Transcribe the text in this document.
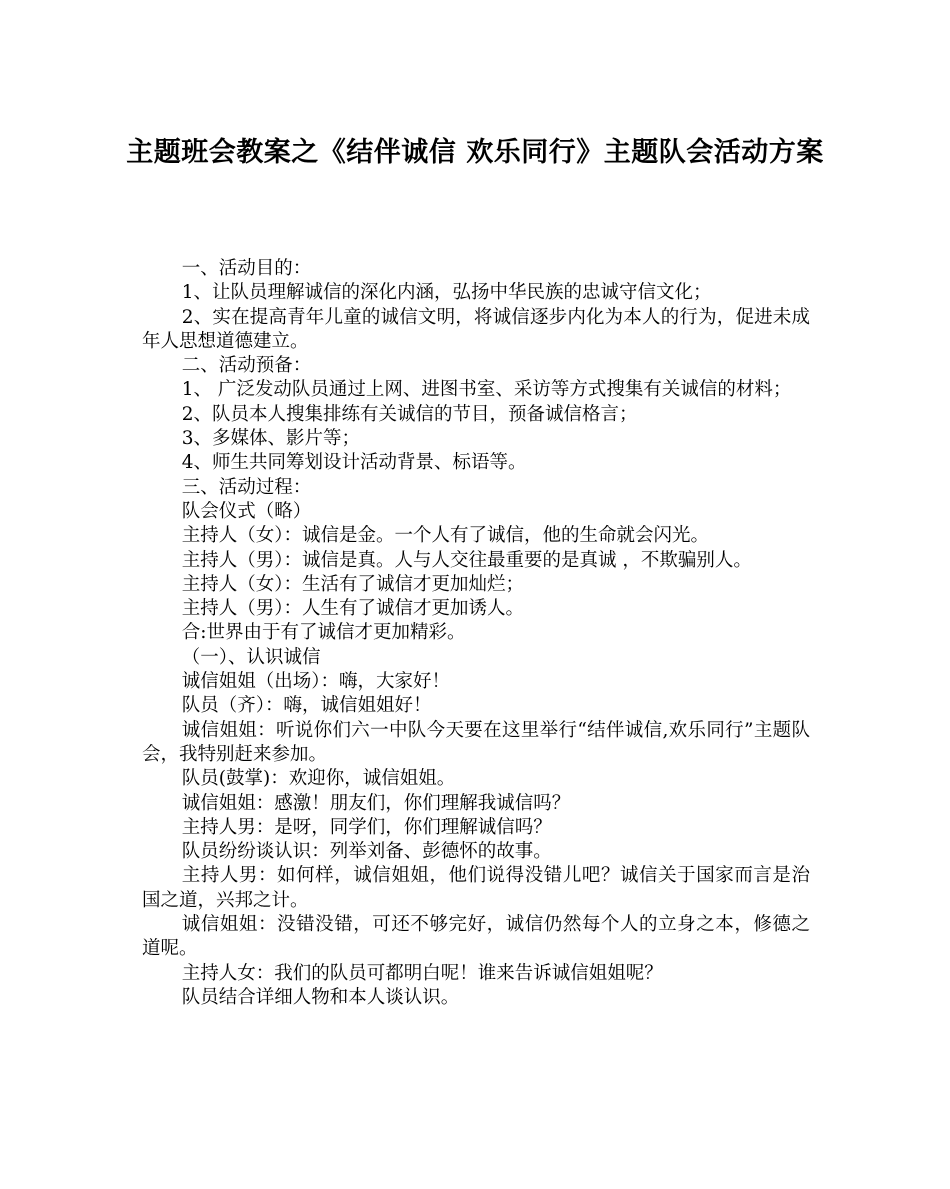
主题班会教案之《结伴诚信 欢乐同行》主题队会活动方案

一、活动目的：

1、让队员理解诚信的深化内涵，弘扬中华民族的忠诚守信文化；

2、实在提高青年儿童的诚信文明，将诚信逐步内化为本人的行为，促进未成年人思想道德建立。

二、活动预备：

1、 广泛发动队员通过上网、进图书室、采访等方式搜集有关诚信的材料；

2、队员本人搜集排练有关诚信的节目，预备诚信格言；

3、多媒体、影片等；

4、师生共同筹划设计活动背景、标语等。

三、活动过程：

队会仪式（略）

主持人（女）：诚信是金。一个人有了诚信，他的生命就会闪光。

主持人（男）：诚信是真。人与人交往最重要的是真诚 ，不欺骗别人。

主持人（女）：生活有了诚信才更加灿烂；

主持人（男）：人生有了诚信才更加诱人。

合:世界由于有了诚信才更加精彩。

（一）、认识诚信

诚信姐姐（出场）：嗨，大家好！

队员（齐）：嗨，诚信姐姐好！

诚信姐姐：听说你们六一中队今天要在这里举行“结伴诚信,欢乐同行”主题队会，我特别赶来参加。

队员(鼓掌)：欢迎你，诚信姐姐。

诚信姐姐：感激！朋友们，你们理解我诚信吗？

主持人男：是呀，同学们，你们理解诚信吗？

队员纷纷谈认识：列举刘备、彭德怀的故事。

主持人男：如何样，诚信姐姐，他们说得没错儿吧？诚信关于国家而言是治国之道，兴邦之计。

诚信姐姐：没错没错，可还不够完好，诚信仍然每个人的立身之本，修德之道呢。

主持人女：我们的队员可都明白呢！谁来告诉诚信姐姐呢？

队员结合详细人物和本人谈认识。
